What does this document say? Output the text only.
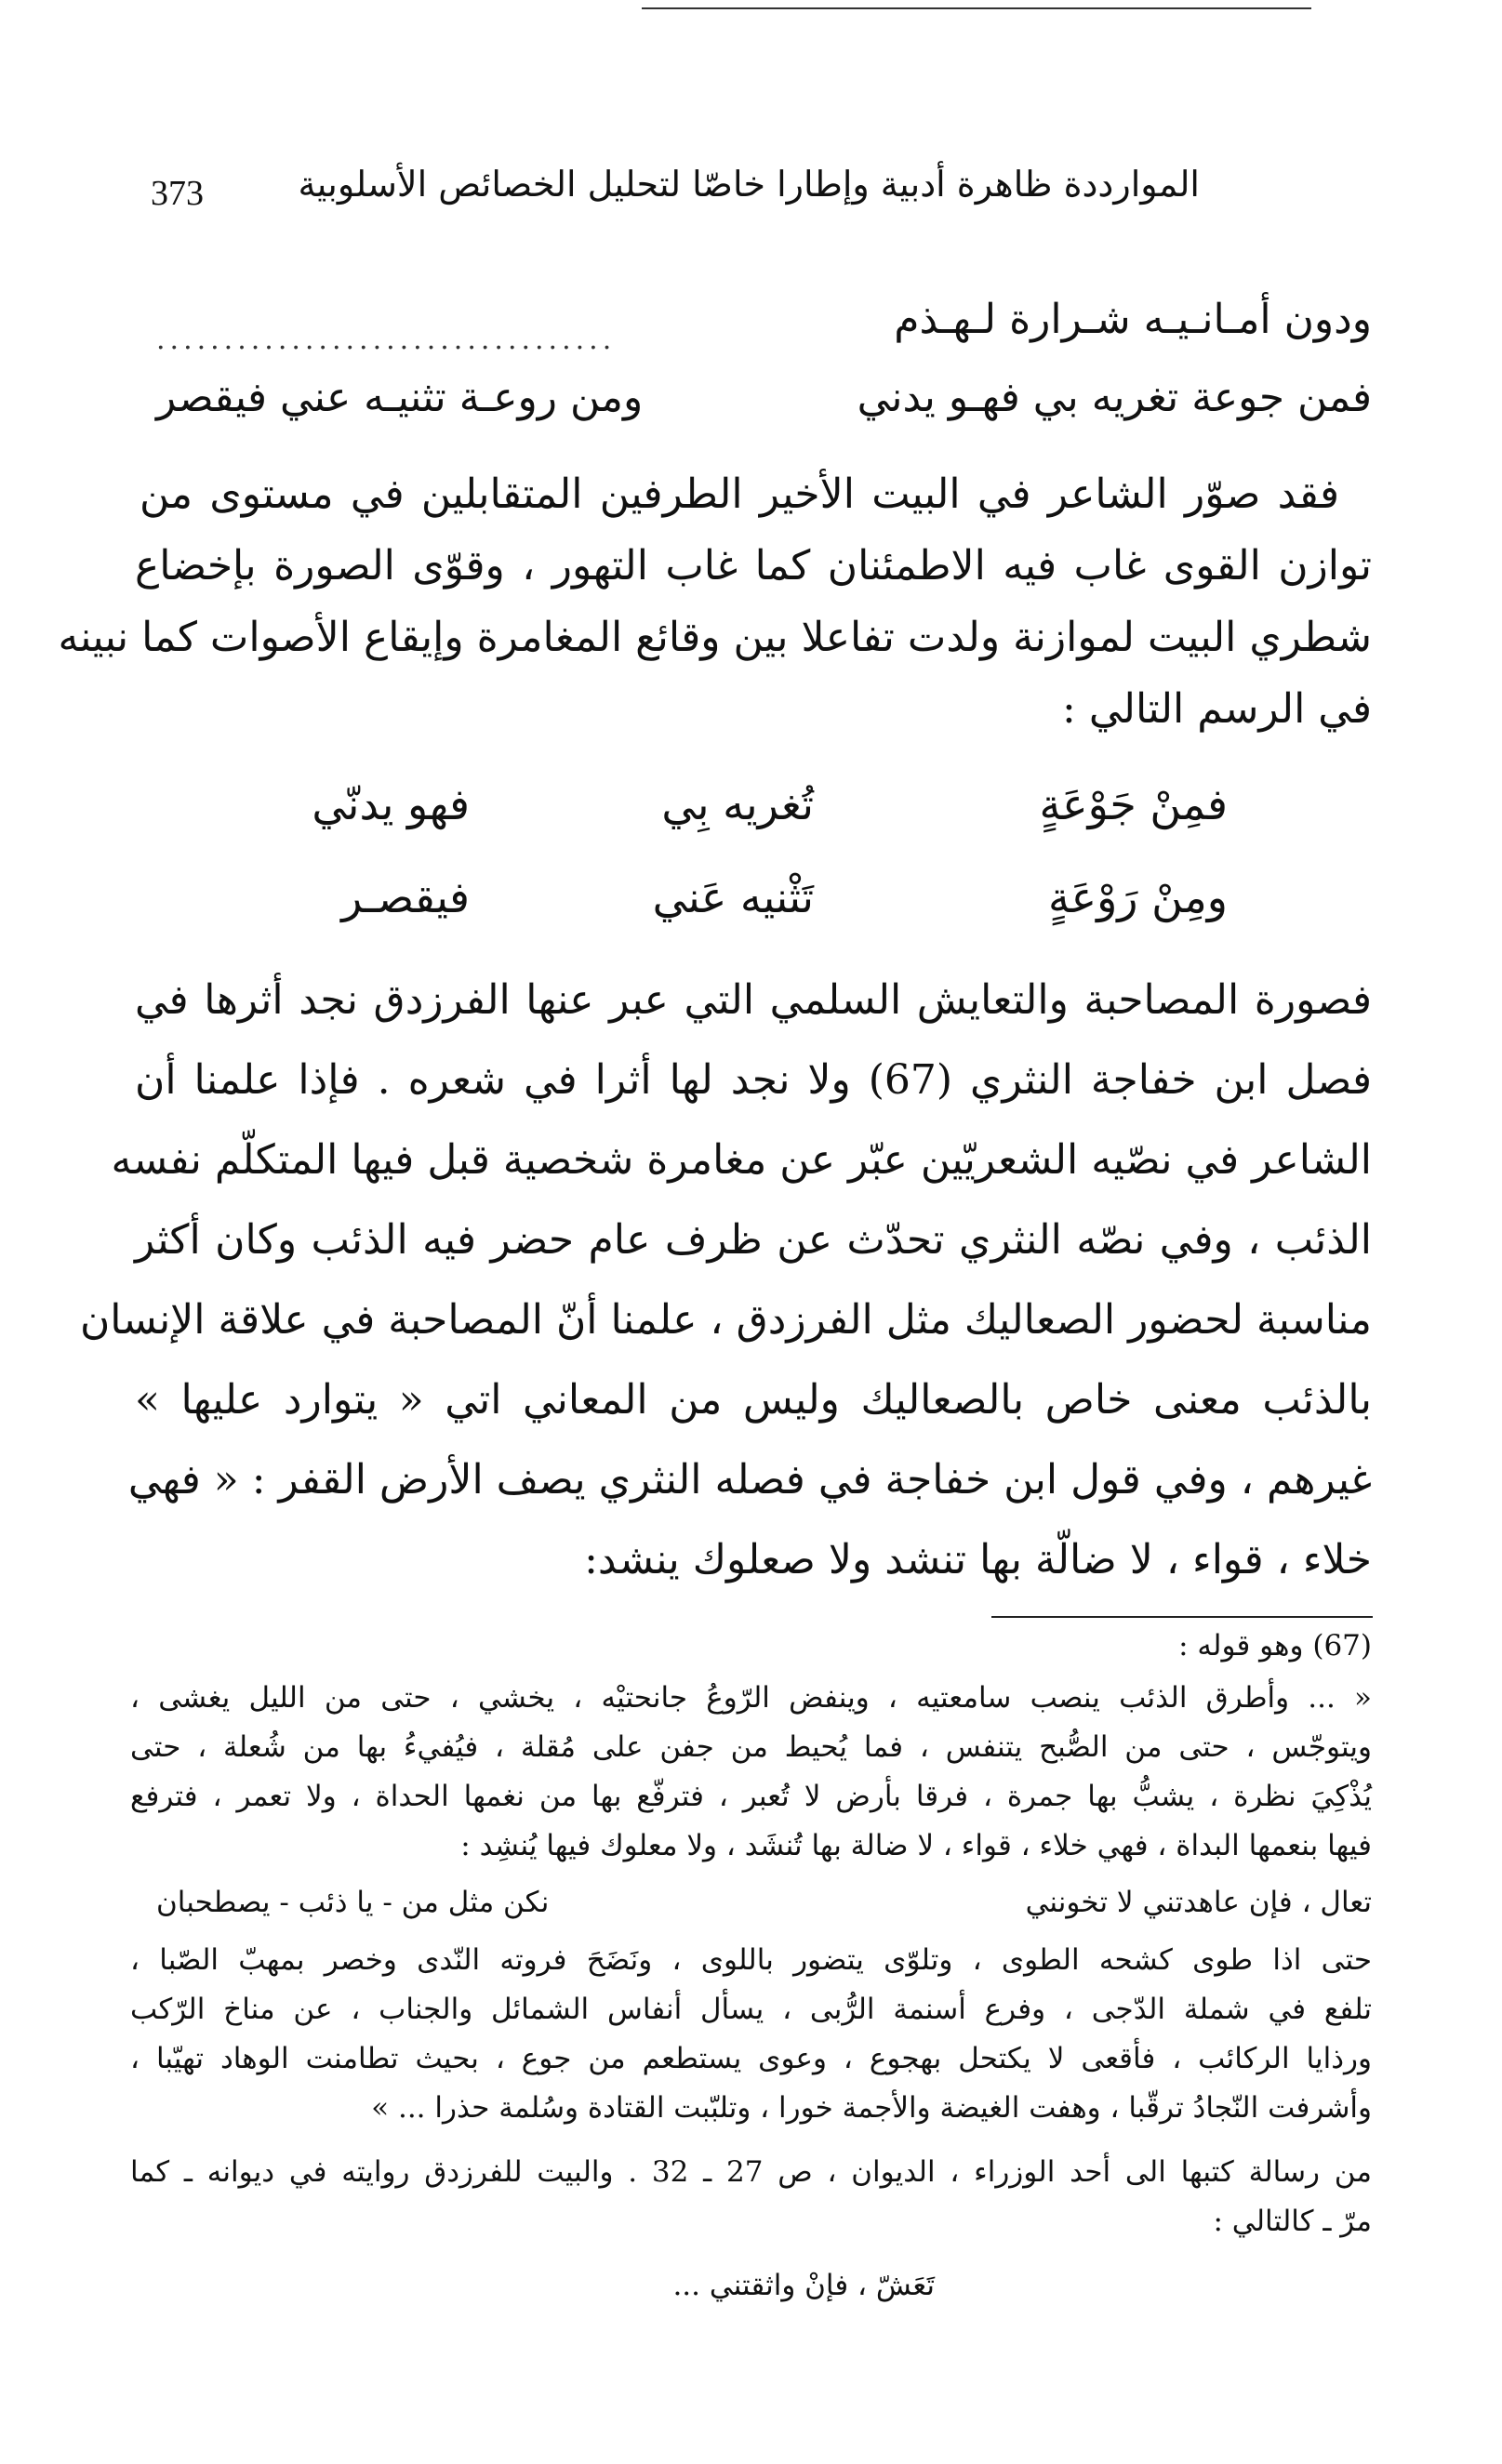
373	الموارددة ظاهرة أدبية وإطارا خاصّا لتحليل الخصائص الأسلوبية
ودون أمـانـيـه شـرارة لـهـذم
..................................
فمن جوعة تغريه بي فهـو يدني
ومن روعـة تثنيـه عني فيقصر
فقد صوّر الشاعر في البيت الأخير الطرفين المتقابلين في مستوى من
توازن القوى غاب فيه الاطمئنان كما غاب التهور ، وقوّى الصورة بإخضاع
شطري البيت لموازنة ولدت تفاعلا بين وقائع المغامرة وإيقاع الأصوات كما نبينه
في الرسم التالي :
فمِنْ جَوْعَةٍ
تُغريه بِي
فهو يدنّي
ومِنْ رَوْعَةٍ
تَثْنيه عَني
فيقصـر
فصورة المصاحبة والتعايش السلمي التي عبر عنها الفرزدق نجد أثرها في
فصل ابن خفاجة النثري (67) ولا نجد لها أثرا في شعره . فإذا علمنا أن
الشاعر في نصّيه الشعريّين عبّر عن مغامرة شخصية قبل فيها المتكلّم نفسه
الذئب ، وفي نصّه النثري تحدّث عن ظرف عام حضر فيه الذئب وكان أكثر
مناسبة لحضور الصعاليك مثل الفرزدق ، علمنا أنّ المصاحبة في علاقة الإنسان
بالذئب معنى خاص بالصعاليك وليس من المعاني اتي « يتوارد عليها »
غيرهم ، وفي قول ابن خفاجة في فصله النثري يصف الأرض القفر : « فهي
خلاء ، قواء ، لا ضالّة بها تنشد ولا صعلوك ينشد:
(67) وهو قوله :
« ... وأطرق الذئب ينصب سامعتيه ، وينفض الرّوعُ جانحتيْه ، يخشي ، حتى من الليل يغشى ،
ويتوجّس ، حتى من الصُّبح يتنفس ، فما يُحيط من جفن على مُقلة ، فيُفيءُ بها من شُعلة ، حتى
يُذْكِيَ نظرة ، يشبُّ بها جمرة ، فرقا بأرض لا تُعبر ، فترفّع بها من نغمها الحداة ، ولا تعمر ، فترفع
فيها بنعمها البداة ، فهي خلاء ، قواء ، لا ضالة بها تُنشَد ، ولا معلوك فيها يُنشِد :
تعال ، فإن عاهدتني لا تخونني
نكن مثل من - يا ذئب - يصطحبان
حتى اذا طوى كشحه الطوى ، وتلوّى يتضور باللوى ، ونَضَحَ فروته النّدى وخصر بمهبّ الصّبا ،
تلفع في شملة الدّجى ، وفرع أسنمة الرُّبى ، يسأل أنفاس الشمائل والجناب ، عن مناخ الرّكب
ورذايا الركائب ، فأقعى لا يكتحل بهجوع ، وعوى يستطعم من جوع ، بحيث تطامنت الوهاد تهيّبا ،
وأشرفت النّجادُ ترقّبا ، وهفت الغيضة والأجمة خورا ، وتلبّبت القتادة وسُلمة حذرا ... »
من رسالة كتبها الى أحد الوزراء ، الديوان ، ص 27 ـ 32 . والبيت للفرزدق روايته في ديوانه ـ كما
مرّ ـ كالتالي :
تَعَشّ ، فإنْ واثقتني ...
